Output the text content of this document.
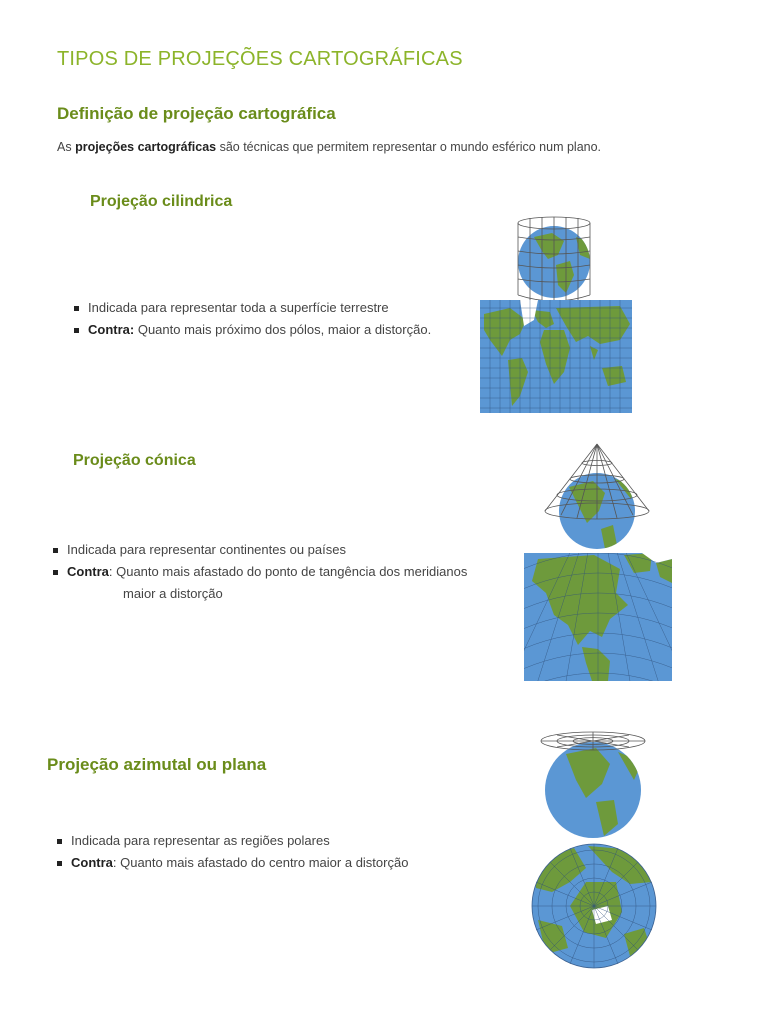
TIPOS DE PROJEÇÕES CARTOGRÁFICAS
Definição de projeção cartográfica
As projeções cartográficas são técnicas que permitem representar o mundo esférico num plano.
Projeção cilindrica
Indicada para representar toda a superfície terrestre
Contra: Quanto mais próximo dos pólos, maior a distorção.
Projeção cónica
Indicada para representar continentes ou países
Contra: Quanto mais afastado do ponto de tangência dos meridianos
maior a distorção
Projeção azimutal ou plana
Indicada para representar as regiões polares
Contra: Quanto mais afastado do centro maior a distorção
